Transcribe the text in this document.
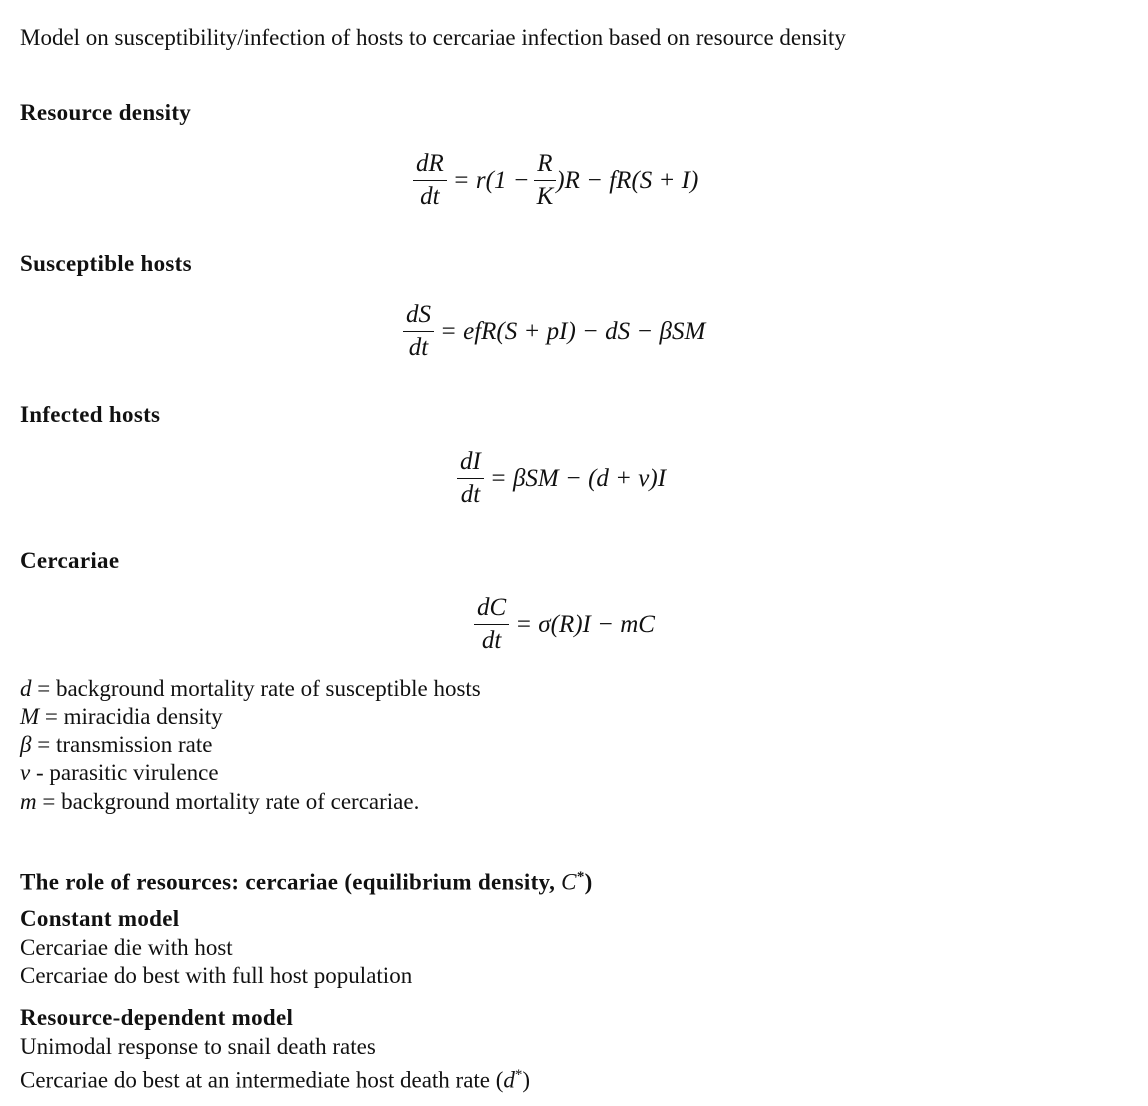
Model on susceptibility/infection of hosts to cercariae infection based on resource density
Resource density
$\frac{dR}{dt} = r(1 - \frac{R}{K} )R - fR(S + I)$
Susceptible hosts
$\frac{dS}{dt} = efR(S + pI)$ − dS − βSM
Infected hosts
$\frac{dI}{dt} = \beta SM - (d + v)I$
Cercariae
$\frac{dC}{dt} = \sigma(R)I$ − mC
d = background mortality rate of susceptible hosts
M = miracidia density
β = transmission rate
v - parasitic virulence
m = background mortality rate of cercariae.
The role of resources: cercariae (equilibrium density, C*)
Constant model
Cercariae die with host
Cercariae do best with full host population
Resource-dependent model
Unimodal response to snail death rates
Cercariae do best at an intermediate host death rate (d*)
